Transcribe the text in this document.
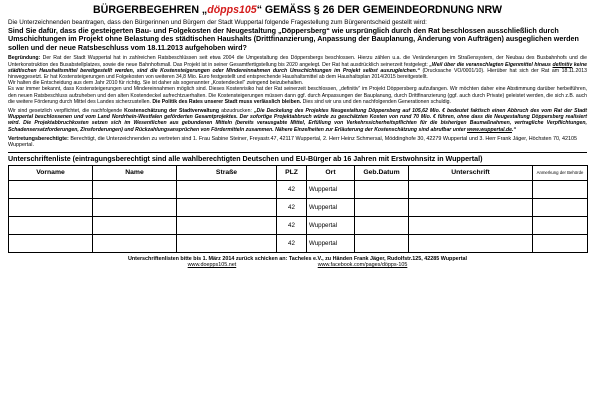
BÜRGERBEGEHREN „döpps105“ GEMÄSS § 26 DER GEMEINDEORDNUNG NRW

Die Unterzeichnenden beantragen, dass den Bürgerinnen und Bürgern der Stadt Wuppertal folgende Fragestellung zum Bürgerentscheid gestellt wird:

Sind Sie dafür, dass die gesteigerten Bau- und Folgekosten der Neugestaltung „Döppersberg“ wie ursprünglich durch den Rat beschlossen ausschließlich durch Umschichtungen im Projekt ohne Belastung des städtischen Haushalts (Drittfinanzierung, Anpassung der Bauplanung, Änderung von Aufträgen) ausgeglichen werden sollen und der neue Ratsbeschluss vom 18.11.2013 aufgehoben wird?

Begründung: Der Rat der Stadt Wuppertal hat in zahlreichen Ratsbeschlüssen seit etwa 2004 die Umgestaltung des Döppersbergs beschlossen. Hierzu zählen u.a. die Veränderungen im Straßensystem, der Neubau des Busbahnhofs und die Unterkonstruktion des Busabstellplatzes, sowie die neue Bahnhofsmall. Das Projekt ist in seiner Gesamtfertigstellung bis 2020 angelegt. Der Rat hat ausdrücklich seinerzeit festgelegt: „Weil über die veranschlagten Eigenmittel hinaus definitiv keine städtischen Haushaltsmittel bereitgestellt werden, sind die Kostensteigerungen oder Mindereinnahmen durch Umschichtungen im Projekt selbst auszugleichen.“ (Drucksache VO/0001/10). Hierüber hat sich der Rat am 18.11.2013 hinweggesetzt. Er hat Kostensteigerungen und Folgekosten von weiteren 34,8 Mio. Euro festgestellt und entsprechende Haushaltsmittel ab dem Haushaltsplan 2014/2015 bereitgestellt.

Wir halten die Entscheidung aus dem Jahr 2010 für richtig. Sie ist daher als sogenannter „Kostendeckel“ zwingend beizubehalten.

Es war immer bekannt, dass Kostensteigerungen und Mindereinnahmen möglich sind. Dieses Kostenrisiko hat der Rat seinerzeit beschlossen, „definitiv“ im Projekt Döppersberg aufzufangen. Wir möchten daher eine Abstimmung darüber herbeiführen, den neuen Ratsbeschluss aufzuheben und den alten Kostendeckel aufrechtzuerhalten. Die Kostensteigerungen müssen dann ggf. durch Anpassungen der Bauplanung, durch Drittfinanzierung (ggf. auch durch Private) geleistet werden, die sich z.B. auch die weitere Förderung durch Mittel des Landes sicherzustellen. Die Politik des Rates unserer Stadt muss verlässlich bleiben. Dies sind wir uns und den nachfolgenden Generationen schuldig.

Wir sind gesetzlich verpflichtet, die nachfolgende Kostenschätzung der Stadtverwaltung abzudrucken: „Die Deckelung des Projektes Neugestaltung Döppersberg auf 105,62 Mio. € bedeutet faktisch einen Abbruch des vom Rat der Stadt Wuppertal beschlossenen und vom Land Nordrhein-Westfalen geförderten Gesamtprojektes. Der sofortige Projektabbruch würde zu geschätzten Kosten von rund 70 Mio. € führen, ohne dass die Neugestaltung Döppersberg realisiert wird. Die Projektabbruchkosten setzen sich im Wesentlichen aus gebundenen Mitteln (bereits verausgabte Mittel, Erfüllung von Verkehrssicherheitspflichten für die bisherigen Baumaßnahmen, vertragliche Verpflichtungen, Schadensersatzforderungen, Zinsforderungen) und Rückzahlungsansprüchen von Fördermitteln zusammen. Nähere Einzelheiten zur Erläuterung der Kostenschätzung sind abrufbar unter www.wuppertal.de.“

Vertretungsberechtigte: Berechtigt, die Unterzeichnenden zu vertreten sind 1. Frau Sabine Steiner, Freyastr.47, 42117 Wuppertal, 2. Herr Heinz Schmersal, Möddinghofe 30, 42279 Wuppertal und 3. Herr Frank Jäger, Höchsten 70, 42105 Wuppertal.

Unterschriftenliste (eintragungsberechtigt sind alle wahlberechtigten Deutschen und EU-Bürger ab 16 Jahren mit Erstwohnsitz in Wuppertal)
Vorname	Name	Straße	PLZ	Ort	Geb.Datum	Unterschrift	Anmerkung der Behörde
			42	Wuppertal			
			42	Wuppertal			
			42	Wuppertal			
			42	Wuppertal			
Unterschriftenlisten bitte bis 1. März 2014 zurück schicken an: Tacheles e.V., zu Händen Frank Jäger, Rudolfstr.125, 42285 Wuppertal
www.doepps105.net	www.facebook.com/pages/döpps-105
